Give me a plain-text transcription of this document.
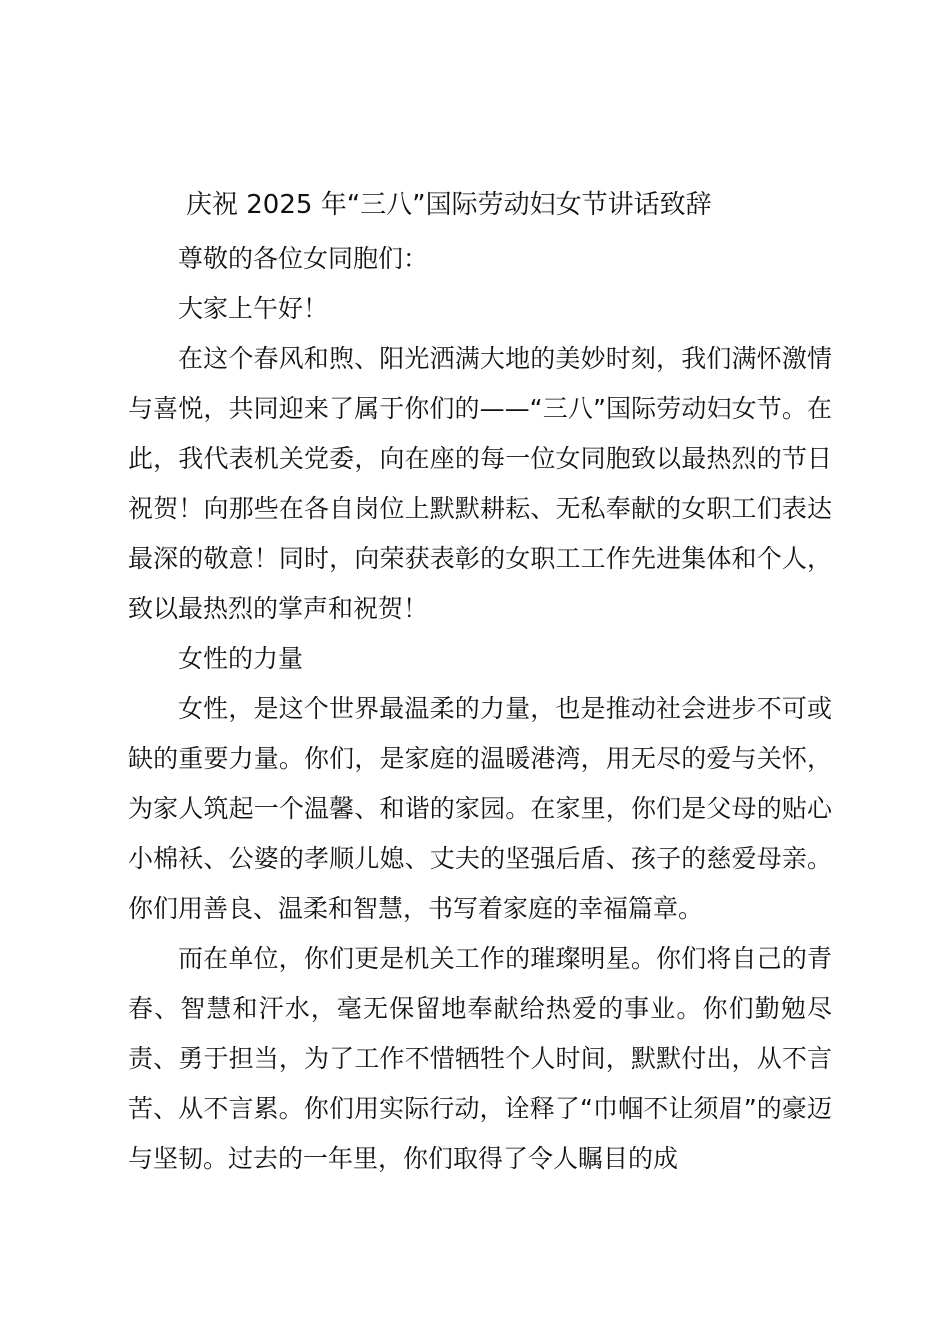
庆祝 2025 年“三八”国际劳动妇女节讲话致辞

尊敬的各位女同胞们：

大家上午好！

在这个春风和煦、阳光洒满大地的美妙时刻，我们满怀激情与喜悦，共同迎来了属于你们的——“三八”国际劳动妇女节。在此，我代表机关党委，向在座的每一位女同胞致以最热烈的节日祝贺！向那些在各自岗位上默默耕耘、无私奉献的女职工们表达最深的敬意！同时，向荣获表彰的女职工工作先进集体和个人，致以最热烈的掌声和祝贺！

女性的力量

女性，是这个世界最温柔的力量，也是推动社会进步不可或缺的重要力量。你们，是家庭的温暖港湾，用无尽的爱与关怀，为家人筑起一个温馨、和谐的家园。在家里，你们是父母的贴心小棉袄、公婆的孝顺儿媳、丈夫的坚强后盾、孩子的慈爱母亲。你们用善良、温柔和智慧，书写着家庭的幸福篇章。

而在单位，你们更是机关工作的璀璨明星。你们将自己的青春、智慧和汗水，毫无保留地奉献给热爱的事业。你们勤勉尽责、勇于担当，为了工作不惜牺牲个人时间，默默付出，从不言苦、从不言累。你们用实际行动，诠释了“巾帼不让须眉”的豪迈与坚韧。过去的一年里，你们取得了令人瞩目的成
